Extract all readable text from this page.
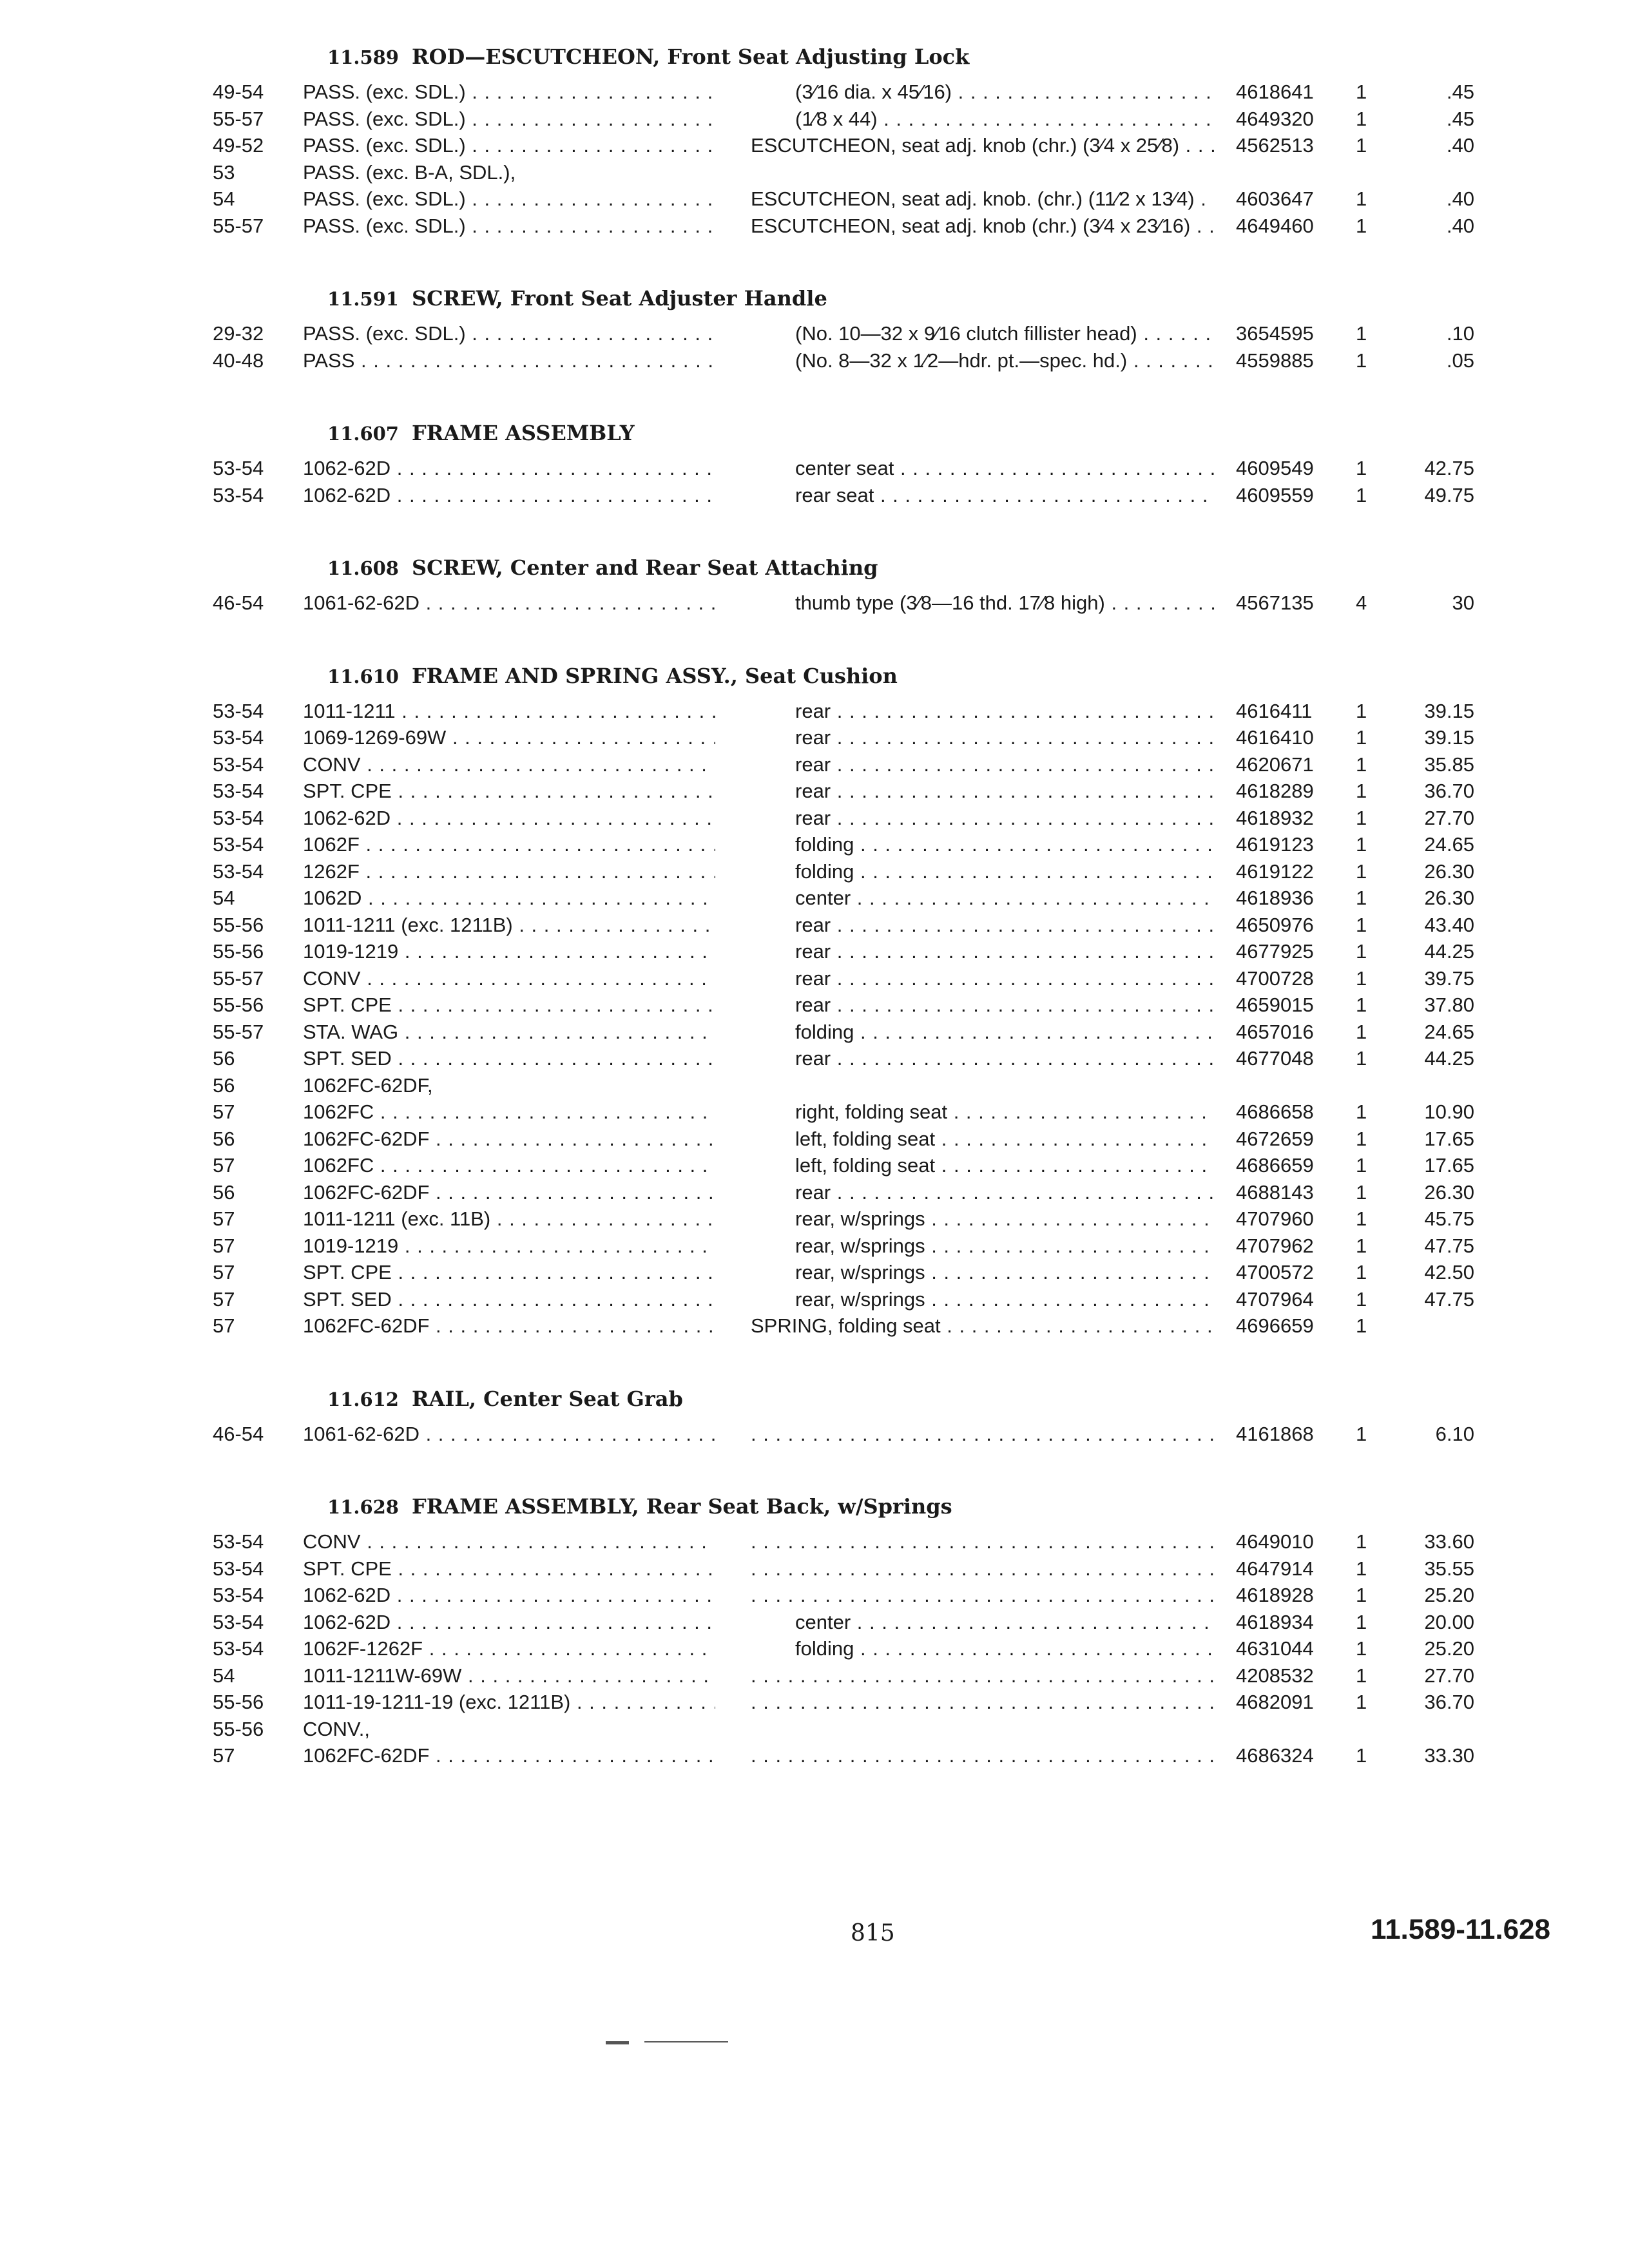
11.589 ROD—ESCUTCHEON, Front Seat Adjusting Lock
49-54 PASS. (exc. SDL.) . . .	(3⁄16 dia. x 45⁄16) . . .	4618641 1	.45
55-57 PASS. (exc. SDL.) . . .	(1⁄8 x 44) . . .	4649320 1	.45
49-52 PASS. (exc. SDL.) . . .	ESCUTCHEON, seat adj. knob (chr.) (3⁄4 x 25⁄8) . . .	4562513 1	.40
53	PASS. (exc. B-A, SDL.),
54	PASS. (exc. SDL.) . . .	ESCUTCHEON, seat adj. knob. (chr.) (11⁄2 x 13⁄4) . . .	4603647 1	.40
55-57 PASS. (exc. SDL.) . . .	ESCUTCHEON, seat adj. knob (chr.) (3⁄4 x 23⁄16) . . .	4649460 1	.40
11.591 SCREW, Front Seat Adjuster Handle
29-32 PASS. (exc. SDL.) . . .	(No. 10—32 x 9⁄16 clutch fillister head) . . .	3654595 1	.10
40-48 PASS . . .	(No. 8—32 x 1⁄2—hdr. pt.—spec. hd.) . . .	4559885 1	.05
11.607 FRAME ASSEMBLY
53-54 1062-62D . . .	center seat . . .	4609549 1	42.75
53-54 1062-62D . . .	rear seat . . .	4609559 1	49.75
11.608 SCREW, Center and Rear Seat Attaching
46-54 1061-62-62D . . .	thumb type (3⁄8—16 thd. 17⁄8 high) . . .	4567135 4	30
11.610 FRAME AND SPRING ASSY., Seat Cushion
53-54 1011-1211 . . .	rear . . .	4616411 1	39.15
53-54 1069-1269-69W . . .	rear . . .	4616410 1	39.15
53-54 CONV . . .	rear . . .	4620671 1	35.85
53-54 SPT. CPE . . .	rear . . .	4618289 1	36.70
53-54 1062-62D . . .	rear . . .	4618932 1	27.70
53-54 1062F . . .	folding . . .	4619123 1	24.65
53-54 1262F . . .	folding . . .	4619122 1	26.30
54	1062D . . .	center . . .	4618936 1	26.30
55-56 1011-1211 (exc. 1211B) . . .	rear . . .	4650976 1	43.40
55-56 1019-1219 . . .	rear . . .	4677925 1	44.25
55-57 CONV . . .	rear . . .	4700728 1	39.75
55-56 SPT. CPE . . .	rear . . .	4659015 1	37.80
55-57 STA. WAG . . .	folding . . .	4657016 1	24.65
56	SPT. SED . . .	rear . . .	4677048 1	44.25
56	1062FC-62DF,
57	1062FC . . .	right, folding seat . . .	4686658 1	10.90
56	1062FC-62DF . . .	left, folding seat . . .	4672659 1	17.65
57	1062FC . . .	left, folding seat . . .	4686659 1	17.65
56	1062FC-62DF . . .	rear . . .	4688143 1	26.30
57	1011-1211 (exc. 11B) . . .	rear, w/springs . . .	4707960 1	45.75
57	1019-1219 . . .	rear, w/springs . . .	4707962 1	47.75
57	SPT. CPE . . .	rear, w/springs . . .	4700572 1	42.50
57	SPT. SED . . .	rear, w/springs . . .	4707964 1	47.75
57	1062FC-62DF . . .	SPRING, folding seat . . .	4696659 1
11.612 RAIL, Center Seat Grab
46-54 1061-62-62D . . . . . .	4161868 1	6.10
11.628 FRAME ASSEMBLY, Rear Seat Back, w/Springs
53-54 CONV . . . . . .	4649010 1	33.60
53-54 SPT. CPE . . . . . .	4647914 1	35.55
53-54 1062-62D . . . . . .	4618928 1	25.20
53-54 1062-62D . . .	center . . .	4618934 1	20.00
53-54 1062F-1262F . . .	folding . . .	4631044 1	25.20
54	1011-1211W-69W . . . . . .	4208532 1	27.70
55-56 1011-19-1211-19 (exc. 1211B) . . . . . .	4682091 1	36.70
55-56 CONV.,
57	1062FC-62DF . . . . . .	4686324 1	33.30
815	11.589-11.628
